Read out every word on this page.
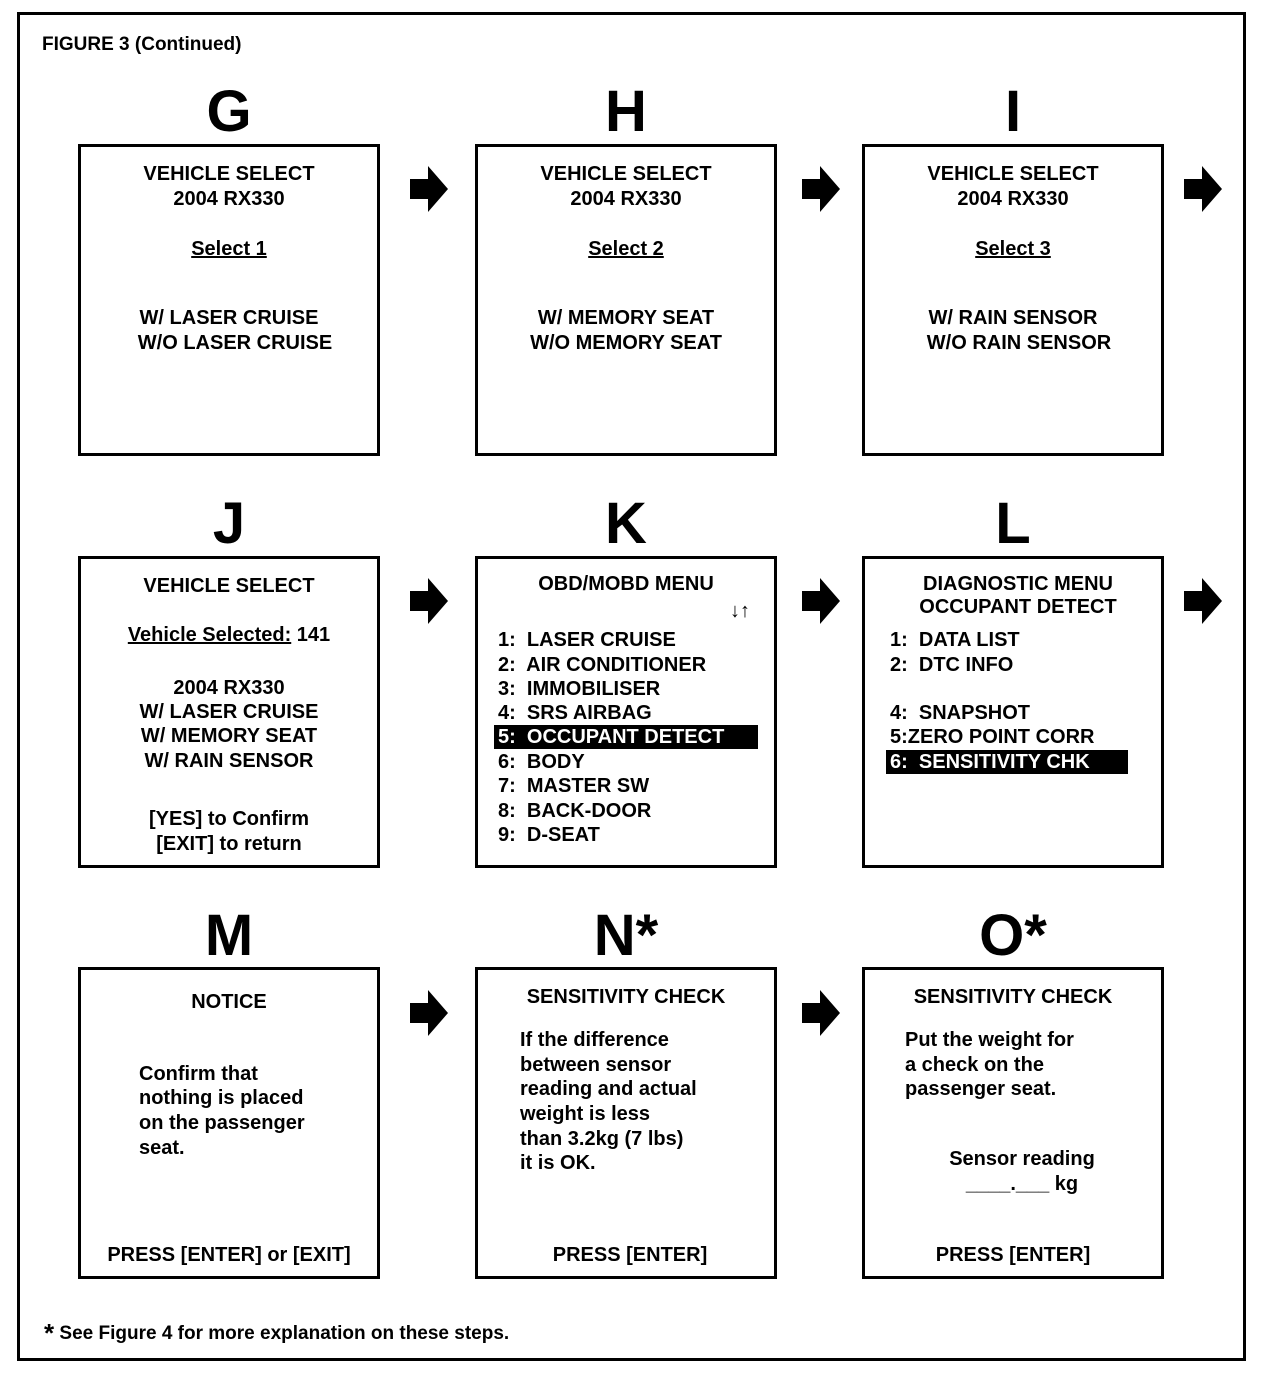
FIGURE 3 (Continued)
G	H	I
VEHICLE SELECT
2004 RX330
Select 1
W/ LASER CRUISE
W/O LASER CRUISE
VEHICLE SELECT
2004 RX330
Select 2
W/ MEMORY SEAT
W/O MEMORY SEAT
VEHICLE SELECT
2004 RX330
Select 3
W/ RAIN SENSOR
W/O RAIN SENSOR
J	K	L
VEHICLE SELECT
Vehicle Selected: 141
2004 RX330
W/ LASER CRUISE
W/ MEMORY SEAT
W/ RAIN SENSOR
[YES] to Confirm
[EXIT] to return
OBD/MOBD MENU
↓↑
1:  LASER CRUISE
2:  AIR CONDITIONER
3:  IMMOBILISER
4:  SRS AIRBAG
5:  OCCUPANT DETECT
6:  BODY
7:  MASTER SW
8:  BACK-DOOR
9:  D-SEAT
DIAGNOSTIC MENU
OCCUPANT DETECT
1:  DATA LIST
2:  DTC INFO
4:  SNAPSHOT
5:ZERO POINT CORR
6:  SENSITIVITY CHK
M	N*	O*
NOTICE
Confirm that
nothing is placed
on the passenger
seat.
PRESS [ENTER] or [EXIT]
SENSITIVITY CHECK
If the difference
between sensor
reading and actual
weight is less
than 3.2kg (7 lbs)
it is OK.
PRESS [ENTER]
SENSITIVITY CHECK
Put the weight for
a check on the
passenger seat.
Sensor reading
____.___ kg
PRESS [ENTER]
* See Figure 4 for more explanation on these steps.
